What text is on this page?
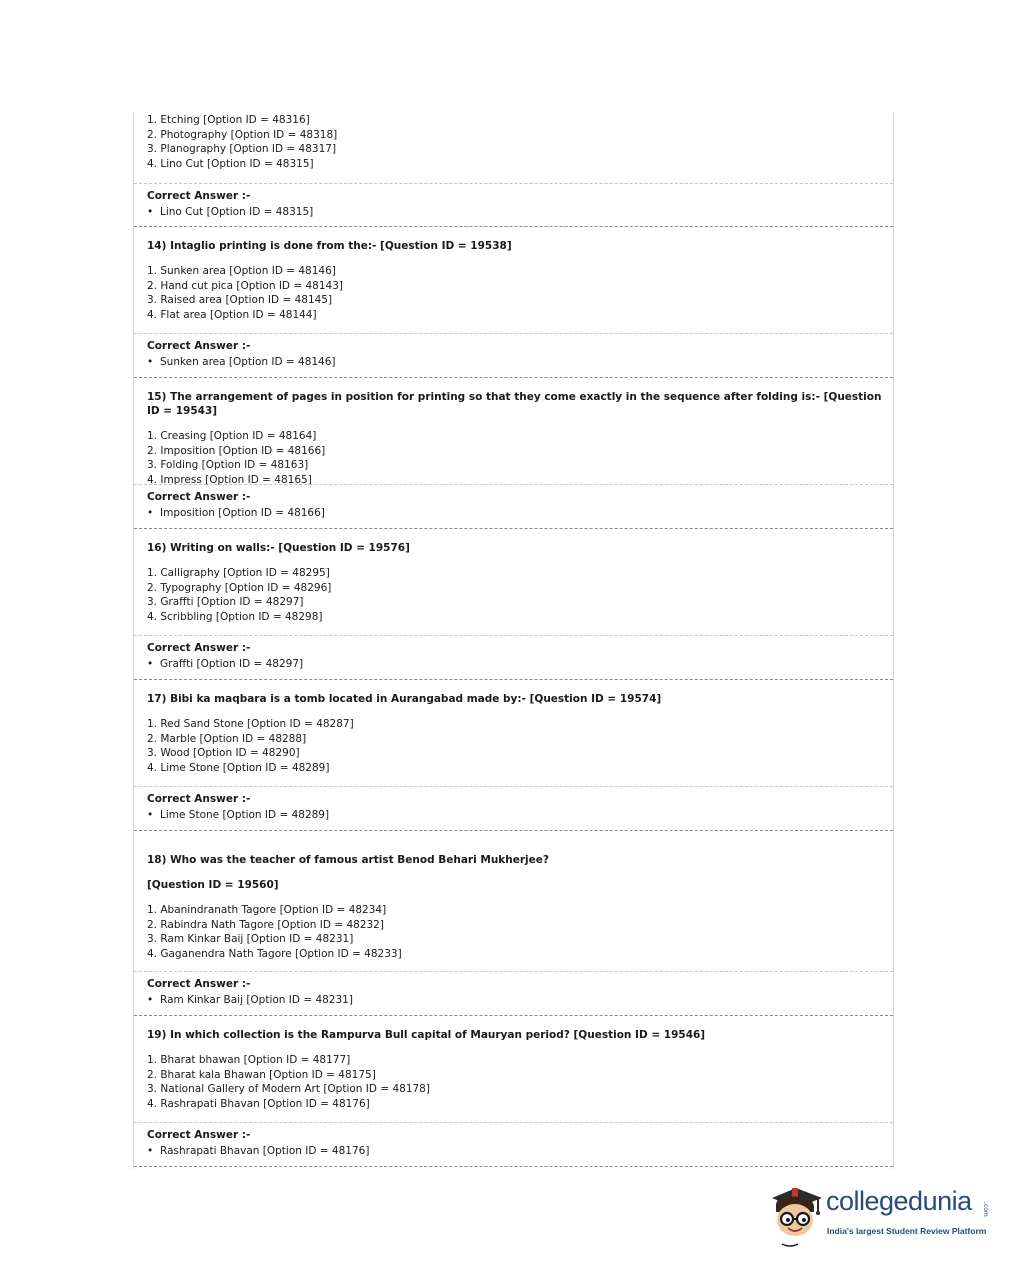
1. Etching [Option ID = 48316]
2. Photography [Option ID = 48318]
3. Planography [Option ID = 48317]
4. Lino Cut [Option ID = 48315]
Correct Answer :-
• Lino Cut [Option ID = 48315]
14) Intaglio printing is done from the:- [Question ID = 19538]
1. Sunken area [Option ID = 48146]
2. Hand cut pica [Option ID = 48143]
3. Raised area [Option ID = 48145]
4. Flat area [Option ID = 48144]
Correct Answer :-
• Sunken area [Option ID = 48146]
15) The arrangement of pages in position for printing so that they come exactly in the sequence after folding is:- [Question ID = 19543]
1. Creasing [Option ID = 48164]
2. Imposition [Option ID = 48166]
3. Folding [Option ID = 48163]
4. Impress [Option ID = 48165]
Correct Answer :-
• Imposition [Option ID = 48166]
16) Writing on walls:- [Question ID = 19576]
1. Calligraphy [Option ID = 48295]
2. Typography [Option ID = 48296]
3. Graffti [Option ID = 48297]
4. Scribbling [Option ID = 48298]
Correct Answer :-
• Graffti [Option ID = 48297]
17) Bibi ka maqbara is a tomb located in Aurangabad made by:- [Question ID = 19574]
1. Red Sand Stone [Option ID = 48287]
2. Marble [Option ID = 48288]
3. Wood [Option ID = 48290]
4. Lime Stone [Option ID = 48289]
Correct Answer :-
• Lime Stone [Option ID = 48289]
18) Who was the teacher of famous artist Benod Behari Mukherjee?
[Question ID = 19560]
1. Abanindranath Tagore [Option ID = 48234]
2. Rabindra Nath Tagore [Option ID = 48232]
3. Ram Kinkar Baij [Option ID = 48231]
4. Gaganendra Nath Tagore [Option ID = 48233]
Correct Answer :-
• Ram Kinkar Baij [Option ID = 48231]
19) In which collection is the Rampurva Bull capital of Mauryan period? [Question ID = 19546]
1. Bharat bhawan [Option ID = 48177]
2. Bharat kala Bhawan [Option ID = 48175]
3. National Gallery of Modern Art [Option ID = 48178]
4. Rashrapati Bhavan [Option ID = 48176]
Correct Answer :-
• Rashrapati Bhavan [Option ID = 48176]
collegedunia .com
India's largest Student Review Platform
